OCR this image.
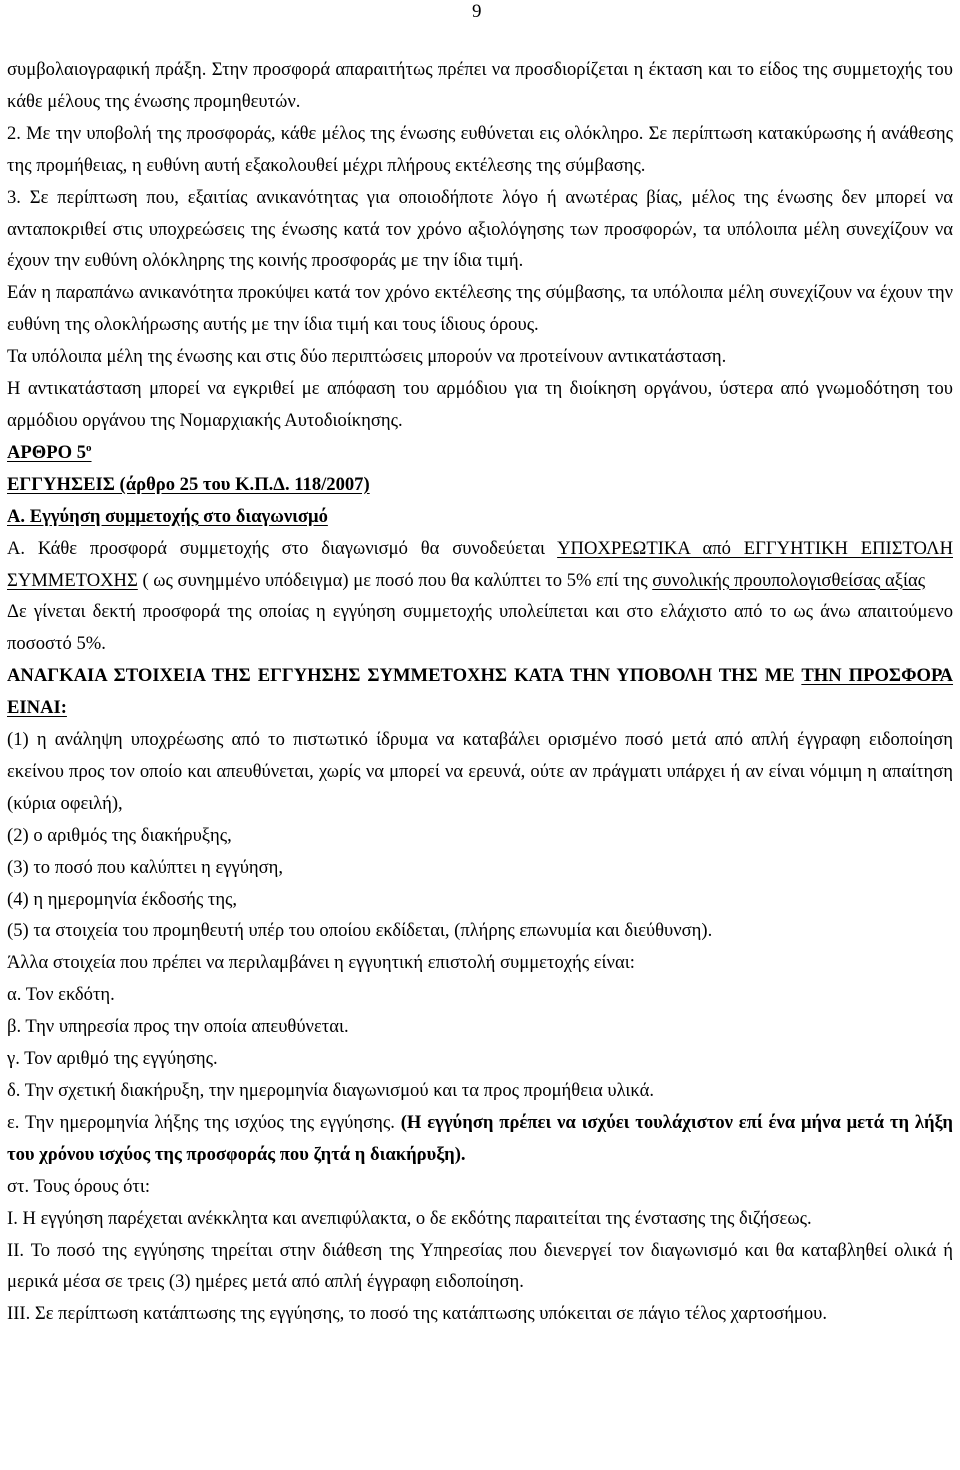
9

συμβολαιογραφική πράξη. Στην προσφορά απαραιτήτως πρέπει να προσδιορίζεται η έκταση και το είδος της συμμετοχής του κάθε μέλους της ένωσης προμηθευτών.

2. Με την υποβολή της προσφοράς, κάθε μέλος της ένωσης ευθύνεται εις ολόκληρο. Σε περίπτωση κατακύρωσης ή ανάθεσης της προμήθειας, η ευθύνη αυτή εξακολουθεί μέχρι πλήρους εκτέλεσης της σύμβασης.

3. Σε περίπτωση που, εξαιτίας ανικανότητας για οποιοδήποτε λόγο ή ανωτέρας βίας, μέλος της ένωσης δεν μπορεί να ανταποκριθεί στις υποχρεώσεις της ένωσης κατά τον χρόνο αξιολόγησης των προσφορών, τα υπόλοιπα μέλη συνεχίζουν να έχουν την ευθύνη ολόκληρης της κοινής προσφοράς με την ίδια τιμή.

Εάν η παραπάνω ανικανότητα προκύψει κατά τον χρόνο εκτέλεσης της σύμβασης, τα υπόλοιπα μέλη συνεχίζουν να έχουν την ευθύνη της ολοκλήρωσης αυτής με την ίδια τιμή και τους ίδιους όρους.

Τα υπόλοιπα μέλη της ένωσης και στις δύο περιπτώσεις μπορούν να προτείνουν αντικατάσταση.

Η αντικατάσταση μπορεί να εγκριθεί με απόφαση του αρμόδιου για τη διοίκηση οργάνου, ύστερα από γνωμοδότηση του αρμόδιου οργάνου της Νομαρχιακής Αυτοδιοίκησης.

ΑΡΘΡΟ $5^o$

ΕΓΓΥΗΣΕΙΣ (άρθρο 25 του Κ.Π.Δ. 118/2007)

Α. Εγγύηση συμμετοχής στο διαγωνισμό

Α. Κάθε προσφορά συμμετοχής στο διαγωνισμό θα συνοδεύεται ΥΠΟΧΡΕΩΤΙΚΑ από ΕΓΓΥΗΤΙΚΗ ΕΠΙΣΤΟΛΗ ΣΥΜΜΕΤΟΧΗΣ ( ως συνημμένο υπόδειγμα) με ποσό που θα καλύπτει το 5% επί της συνολικής προυπολογισθείσας αξίας

Δε γίνεται δεκτή προσφορά της οποίας η εγγύηση συμμετοχής υπολείπεται και στο ελάχιστο από το ως άνω απαιτούμενο ποσοστό 5%.

ΑΝΑΓΚΑΙΑ ΣΤΟΙΧΕΙΑ ΤΗΣ ΕΓΓΥΗΣΗΣ ΣΥΜΜΕΤΟΧΗΣ ΚΑΤΑ ΤΗΝ ΥΠΟΒΟΛΗ ΤΗΣ ΜΕ ΤΗΝ ΠΡΟΣΦΟΡΑ ΕΙΝΑΙ:

(1) η ανάληψη υποχρέωσης από το πιστωτικό ίδρυμα να καταβάλει ορισμένο ποσό μετά από απλή έγγραφη ειδοποίηση εκείνου προς τον οποίο και απευθύνεται, χωρίς να μπορεί να ερευνά, ούτε αν πράγματι υπάρχει ή αν είναι νόμιμη η απαίτηση (κύρια οφειλή),

(2) ο αριθμός της διακήρυξης,

(3) το ποσό που καλύπτει η εγγύηση,

(4) η ημερομηνία έκδοσής της,

(5) τα στοιχεία του προμηθευτή υπέρ του οποίου εκδίδεται, (πλήρης επωνυμία και διεύθυνση).

Άλλα στοιχεία που πρέπει να περιλαμβάνει η εγγυητική επιστολή συμμετοχής είναι:

α. Τον εκδότη.

β. Την υπηρεσία προς την οποία απευθύνεται.

γ. Τον αριθμό της εγγύησης.

δ. Την σχετική διακήρυξη, την ημερομηνία διαγωνισμού και τα προς προμήθεια υλικά.

ε. Την ημερομηνία λήξης της ισχύος της εγγύησης. (Η εγγύηση πρέπει να ισχύει τουλάχιστον επί ένα μήνα μετά τη λήξη του χρόνου ισχύος της προσφοράς που ζητά η διακήρυξη).

στ. Τους όρους ότι:

Ι. Η εγγύηση παρέχεται ανέκκλητα και ανεπιφύλακτα, ο δε εκδότης παραιτείται της ένστασης της διζήσεως.

ΙΙ. Το ποσό της εγγύησης τηρείται στην διάθεση της Υπηρεσίας που διενεργεί τον διαγωνισμό και θα καταβληθεί ολικά ή μερικά μέσα σε τρεις (3) ημέρες μετά από απλή έγγραφη ειδοποίηση.

ΙΙΙ. Σε περίπτωση κατάπτωσης της εγγύησης, το ποσό της κατάπτωσης υπόκειται σε πάγιο τέλος χαρτοσήμου.
